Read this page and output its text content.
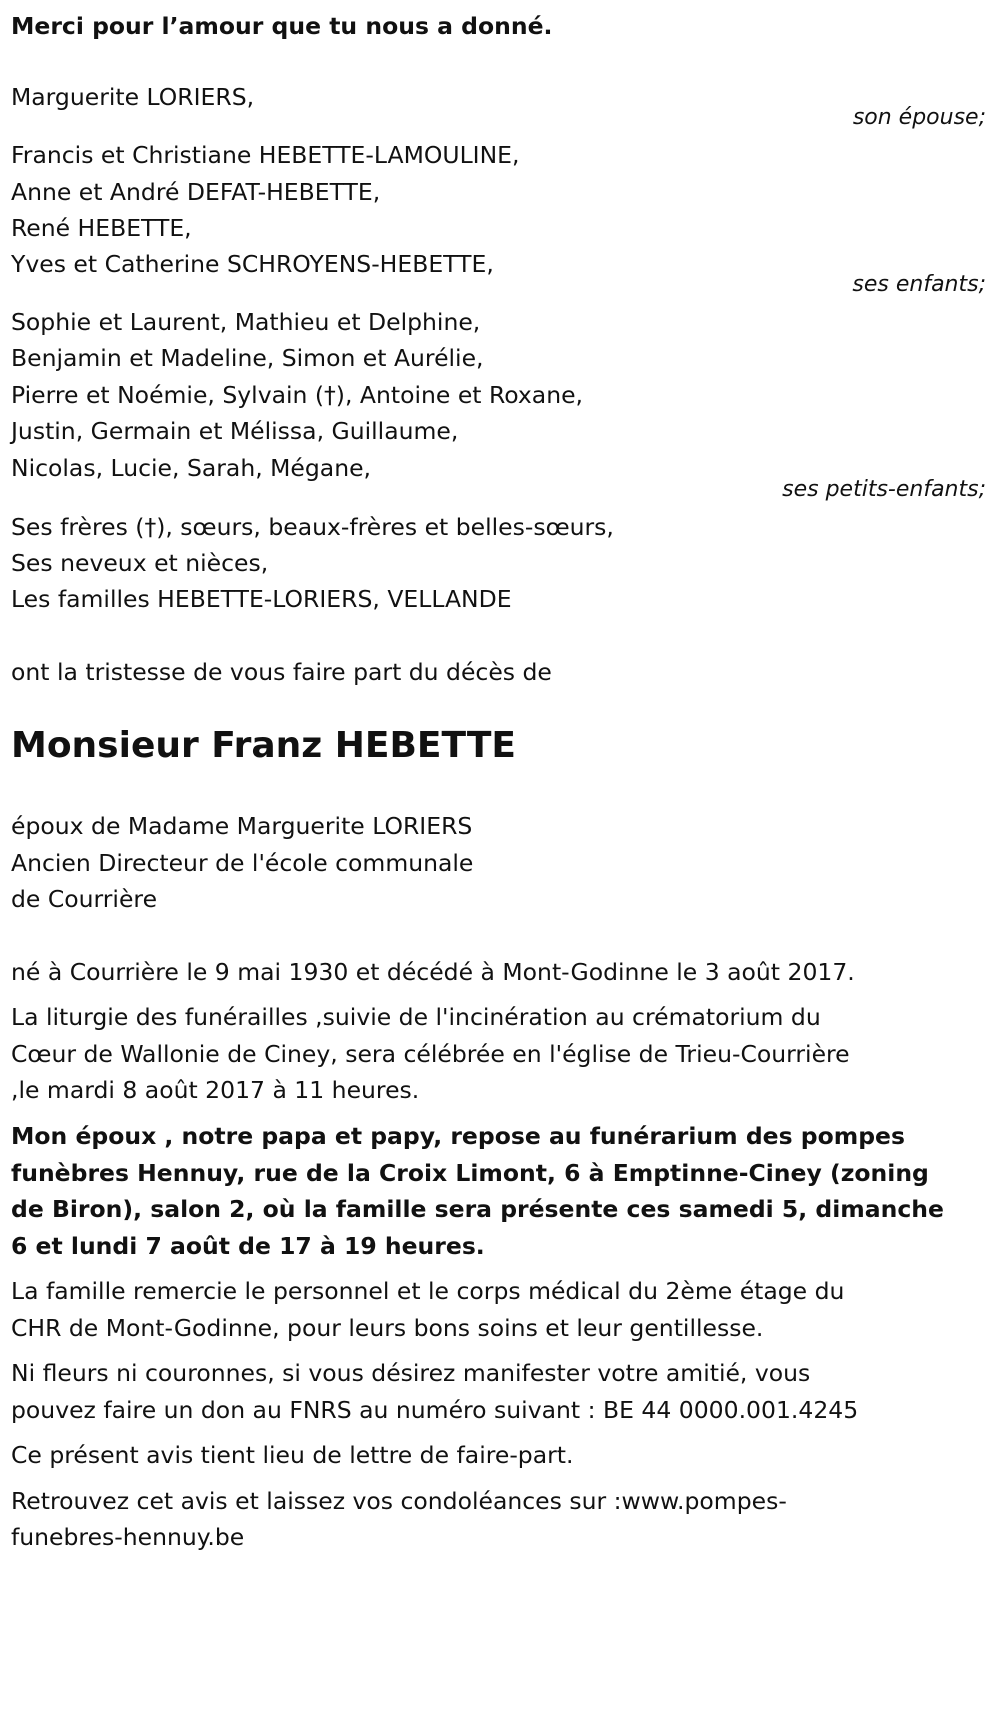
Merci pour l’amour que tu nous a donné.
Marguerite LORIERS,
son épouse;
Francis et Christiane HEBETTE-LAMOULINE,
Anne et André DEFAT-HEBETTE,
René HEBETTE,
Yves et Catherine SCHROYENS-HEBETTE,
ses enfants;
Sophie et Laurent, Mathieu et Delphine,
Benjamin et Madeline, Simon et Aurélie,
Pierre et Noémie, Sylvain (†), Antoine et Roxane,
Justin, Germain et Mélissa, Guillaume,
Nicolas, Lucie, Sarah, Mégane,
ses petits-enfants;
Ses frères (†), sœurs, beaux-frères et belles-sœurs,
Ses neveux et nièces,
Les familles HEBETTE-LORIERS, VELLANDE
ont la tristesse de vous faire part du décès de
Monsieur Franz HEBETTE
époux de Madame Marguerite LORIERS
Ancien Directeur de l'école communale
de Courrière
né à Courrière le 9 mai 1930 et décédé à Mont-Godinne le 3 août 2017.
La liturgie des funérailles ,suivie de l'incinération au crématorium du
Cœur de Wallonie de Ciney, sera célébrée en l'église de Trieu-Courrière
,le mardi 8 août 2017 à 11 heures.
Mon époux , notre papa et papy, repose au funérarium des pompes
funèbres Hennuy, rue de la Croix Limont, 6 à Emptinne-Ciney (zoning
de Biron), salon 2, où la famille sera présente ces samedi 5, dimanche
6 et lundi 7 août de 17 à 19 heures.
La famille remercie le personnel et le corps médical du 2ème étage du
CHR de Mont-Godinne, pour leurs bons soins et leur gentillesse.
Ni fleurs ni couronnes, si vous désirez manifester votre amitié, vous
pouvez faire un don au FNRS au numéro suivant : BE 44 0000.001.4245
Ce présent avis tient lieu de lettre de faire-part.
Retrouvez cet avis et laissez vos condoléances sur :www.pompes-
funebres-hennuy.be
